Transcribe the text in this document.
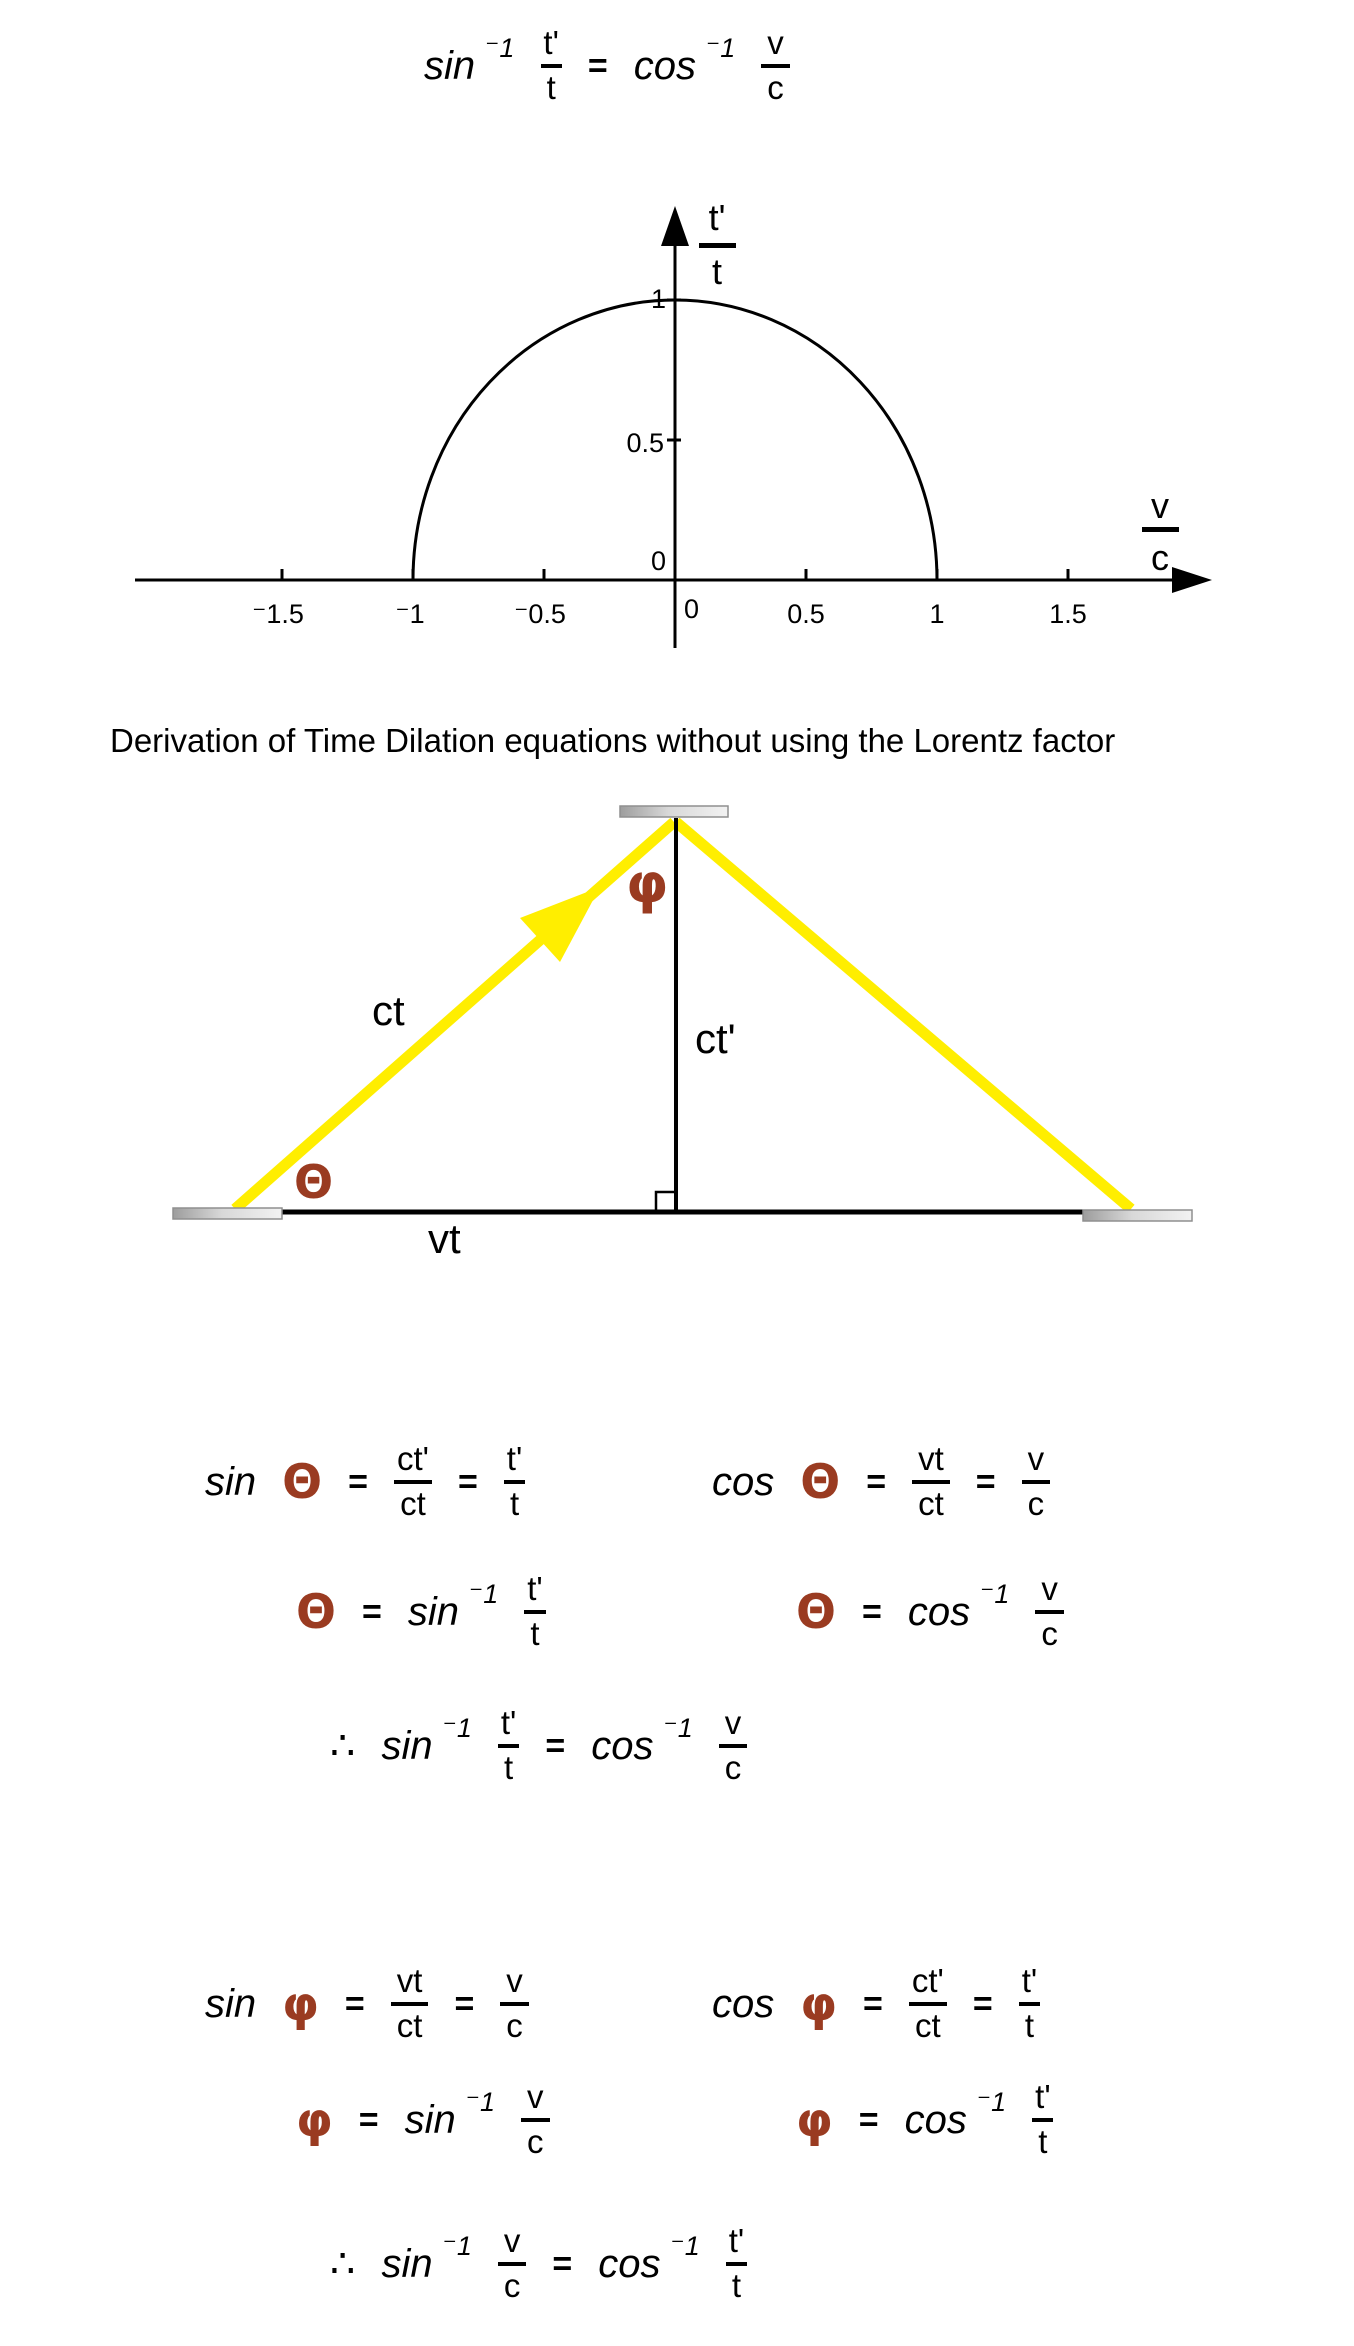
$\sin ^-1 \frac{t'}{t} = \cos ^-1 \frac{v}{c}$
⁻1.5	⁻1	⁻0.5	0	0.5	1	1.5
0
0.5
1
t'
t
v
c
Derivation of Time Dilation equations without using the Lorentz factor
ct
ct'
vt
Θ
φ
$\sin \Theta = \frac{ct'}{ct} = \frac{t'}{t}$	$\cos \Theta = \frac{vt}{ct} = \frac{v}{c}$
$\Theta = \sin ^-1 \frac{t'}{t}$	$\Theta = \cos ^-1 \frac{v}{c}$
∴ $\sin ^-1 \frac{t'}{t} = \cos ^-1 \frac{v}{c}$
$\sin \varphi = \frac{vt}{ct} = \frac{v}{c}$	$\cos \varphi = \frac{ct'}{ct} = \frac{t'}{t}$
$\varphi = \sin ^-1 \frac{v}{c}$	$\varphi = \cos ^-1 \frac{t'}{t}$
∴ $\sin ^-1 \frac{v}{c} = \cos ^-1 \frac{t'}{t}$
